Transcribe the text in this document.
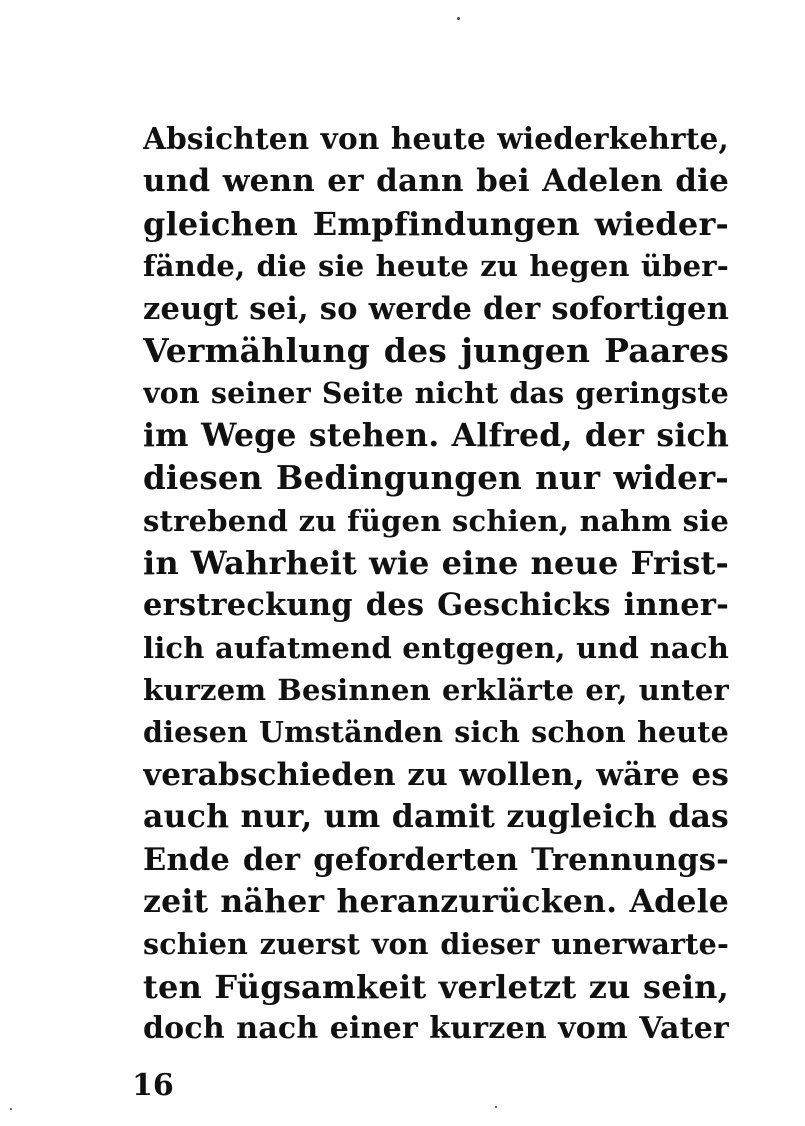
Absichten von heute wiederkehrte,
und wenn er dann bei Adelen die
gleichen Empfindungen wieder-
fände, die sie heute zu hegen über-
zeugt sei, so werde der sofortigen
Vermählung des jungen Paares
von seiner Seite nicht das geringste
im Wege stehen. Alfred, der sich
diesen Bedingungen nur wider-
strebend zu fügen schien, nahm sie
in Wahrheit wie eine neue Frist-
erstreckung des Geschicks inner-
lich aufatmend entgegen, und nach
kurzem Besinnen erklärte er, unter
diesen Umständen sich schon heute
verabschieden zu wollen, wäre es
auch nur, um damit zugleich das
Ende der geforderten Trennungs-
zeit näher heranzurücken. Adele
schien zuerst von dieser unerwarte-
ten Fügsamkeit verletzt zu sein,
doch nach einer kurzen vom Vater
16
